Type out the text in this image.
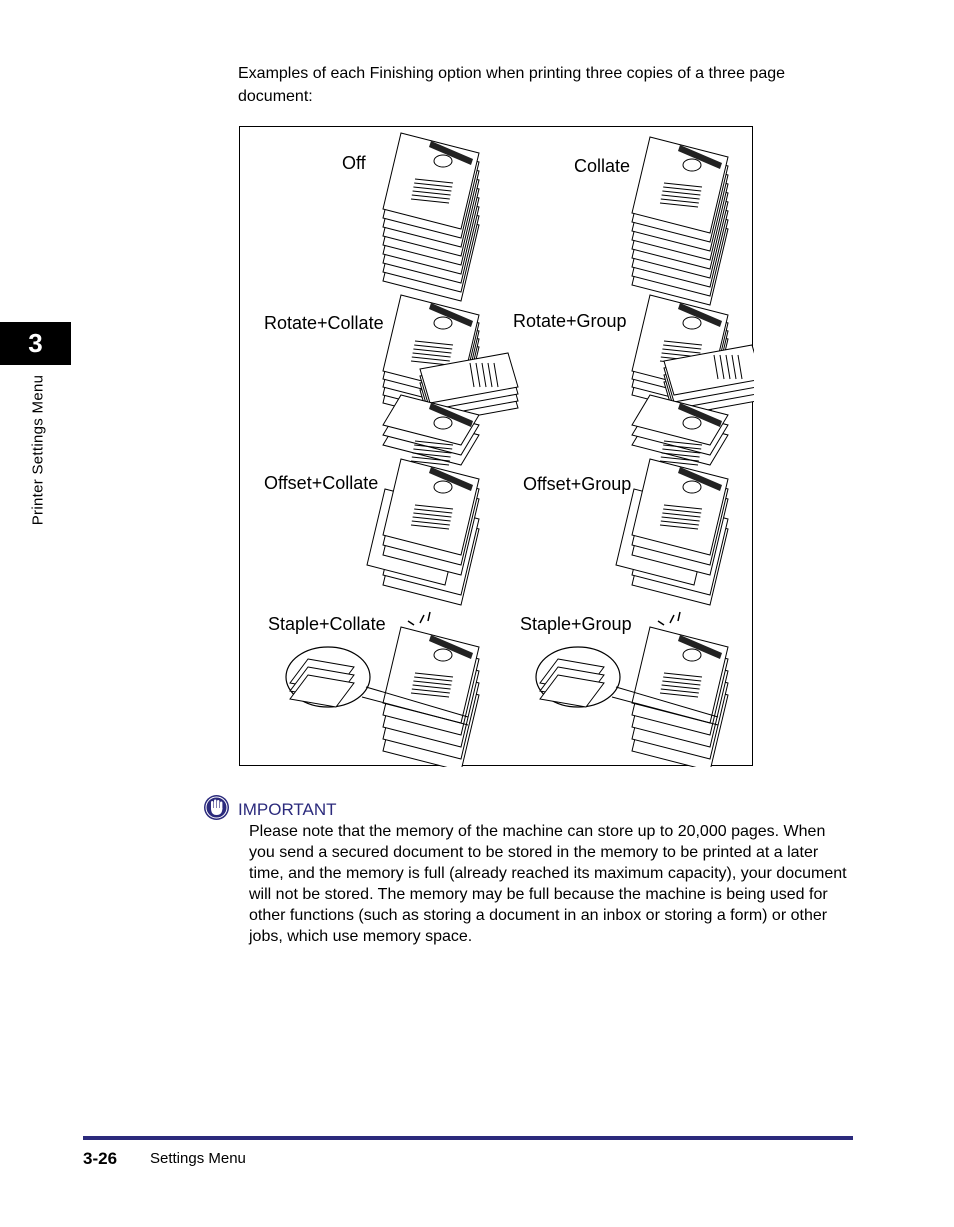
Examples of each Finishing option when printing three copies of a three page document:

Off	Collate
Rotate+Collate	Rotate+Group
Offset+Collate	Offset+Group
Staple+Collate	Staple+Group
3
Printer Settings Menu
IMPORTANT

Please note that the memory of the machine can store up to 20,000 pages. When you send a secured document to be stored in the memory to be printed at a later time, and the memory is full (already reached its maximum capacity), your document will not be stored. The memory may be full because the machine is being used for other functions (such as storing a document in an inbox or storing a form) or other jobs, which use memory space.

3-26 Settings Menu
